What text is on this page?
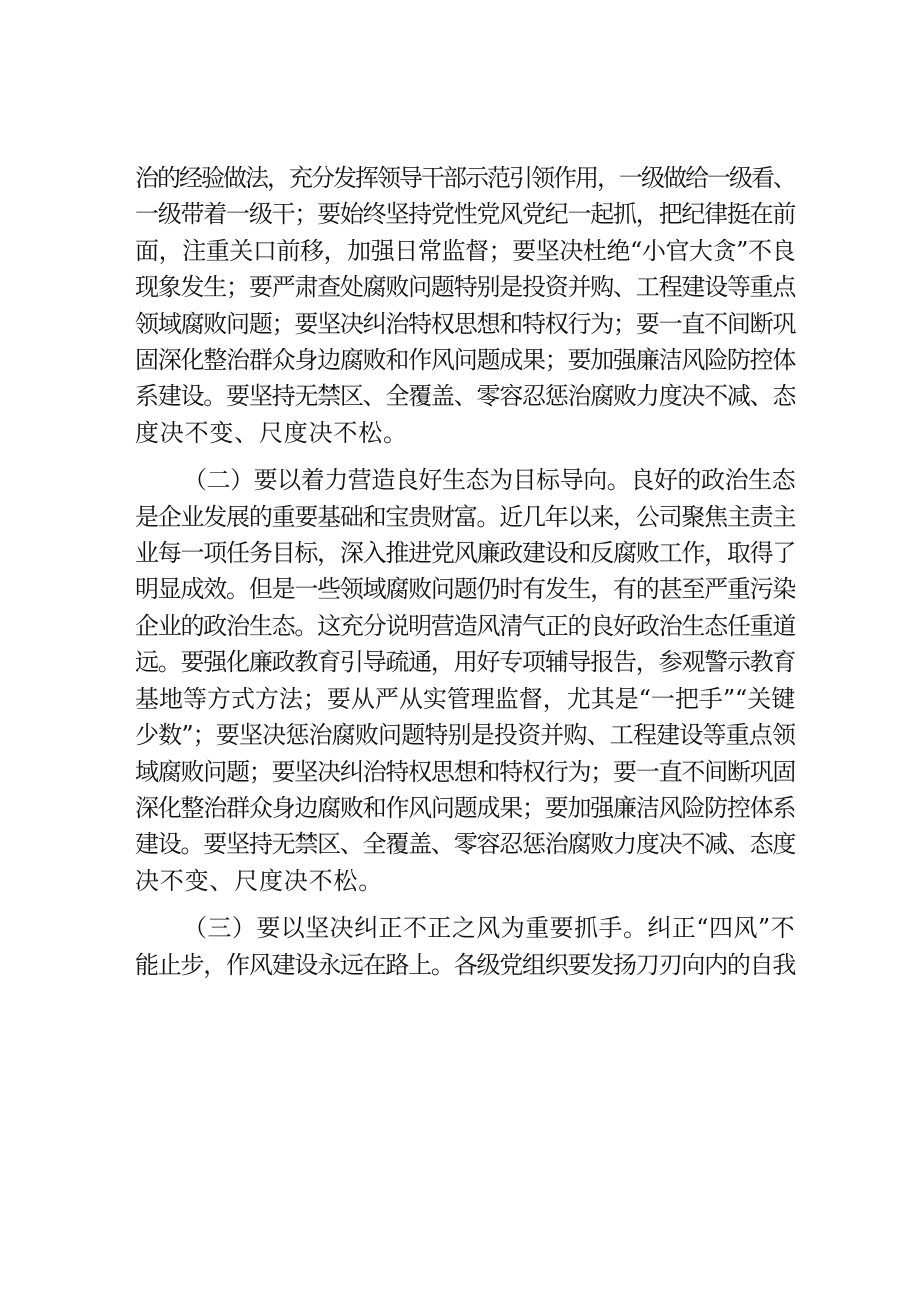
治的经验做法，充分发挥领导干部示范引领作用，一级做给一级看、
一级带着一级干；要始终坚持党性党风党纪一起抓，把纪律挺在前
面，注重关口前移，加强日常监督；要坚决杜绝“小官大贪”不良
现象发生；要严肃查处腐败问题特别是投资并购、工程建设等重点
领域腐败问题；要坚决纠治特权思想和特权行为；要一直不间断巩
固深化整治群众身边腐败和作风问题成果；要加强廉洁风险防控体
系建设。要坚持无禁区、全覆盖、零容忍惩治腐败力度决不减、态
度决不变、尺度决不松。
（二）要以着力营造良好生态为目标导向。良好的政治生态
是企业发展的重要基础和宝贵财富。近几年以来，公司聚焦主责主
业每一项任务目标，深入推进党风廉政建设和反腐败工作，取得了
明显成效。但是一些领域腐败问题仍时有发生，有的甚至严重污染
企业的政治生态。这充分说明营造风清气正的良好政治生态任重道
远。要强化廉政教育引导疏通，用好专项辅导报告，参观警示教育
基地等方式方法；要从严从实管理监督，尤其是“一把手”“关键
少数”；要坚决惩治腐败问题特别是投资并购、工程建设等重点领
域腐败问题；要坚决纠治特权思想和特权行为；要一直不间断巩固
深化整治群众身边腐败和作风问题成果；要加强廉洁风险防控体系
建设。要坚持无禁区、全覆盖、零容忍惩治腐败力度决不减、态度
决不变、尺度决不松。
（三）要以坚决纠正不正之风为重要抓手。纠正“四风”不
能止步，作风建设永远在路上。各级党组织要发扬刀刃向内的自我
